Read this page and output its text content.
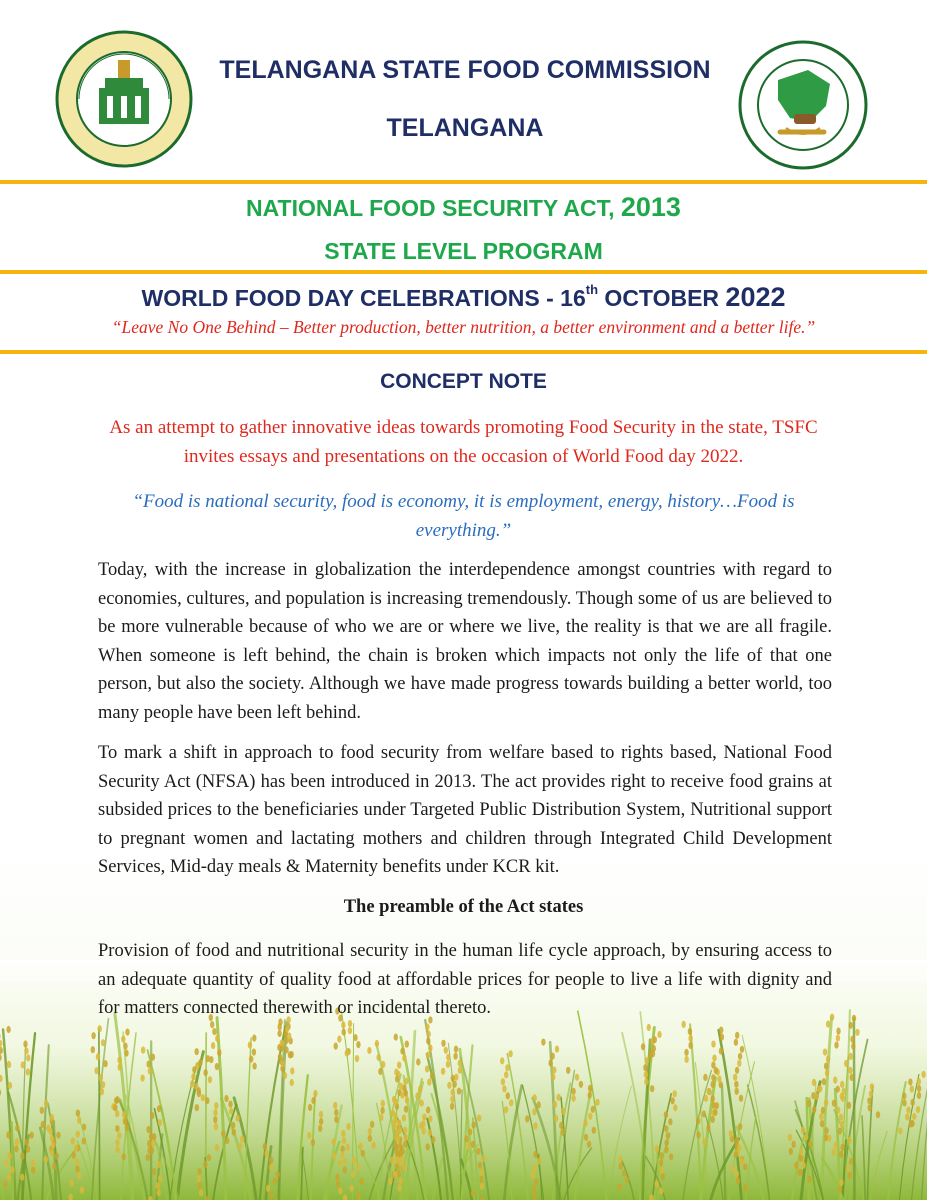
TELANGANA STATE FOOD COMMISSION
TELANGANA

NATIONAL FOOD SECURITY ACT, 2013

STATE LEVEL PROGRAM

WORLD FOOD DAY CELEBRATIONS - 16th OCTOBER 2022

“Leave No One Behind – Better production, better nutrition, a better environment and a better life.”

CONCEPT NOTE

As an attempt to gather innovative ideas towards promoting Food Security in the state, TSFC invites essays and presentations on the occasion of World Food day 2022.

“Food is national security, food is economy, it is employment, energy, history…Food is everything.”

Today, with the increase in globalization the interdependence amongst countries with regard to economies, cultures, and population is increasing tremendously. Though some of us are believed to be more vulnerable because of who we are or where we live, the reality is that we are all fragile. When someone is left behind, the chain is broken which impacts not only the life of that one person, but also the society. Although we have made progress towards building a better world, too many people have been left behind.

To mark a shift in approach to food security from welfare based to rights based, National Food Security Act (NFSA) has been introduced in 2013. The act provides right to receive food grains at subsided prices to the beneficiaries under Targeted Public Distribution System, Nutritional support to pregnant women and lactating mothers and children through Integrated Child Development Services, Mid-day meals & Maternity benefits under KCR kit.

The preamble of the Act states

Provision of food and nutritional security in the human life cycle approach, by ensuring access to an adequate quantity of quality food at affordable prices for people to live a life with dignity and for matters connected therewith or incidental thereto.
